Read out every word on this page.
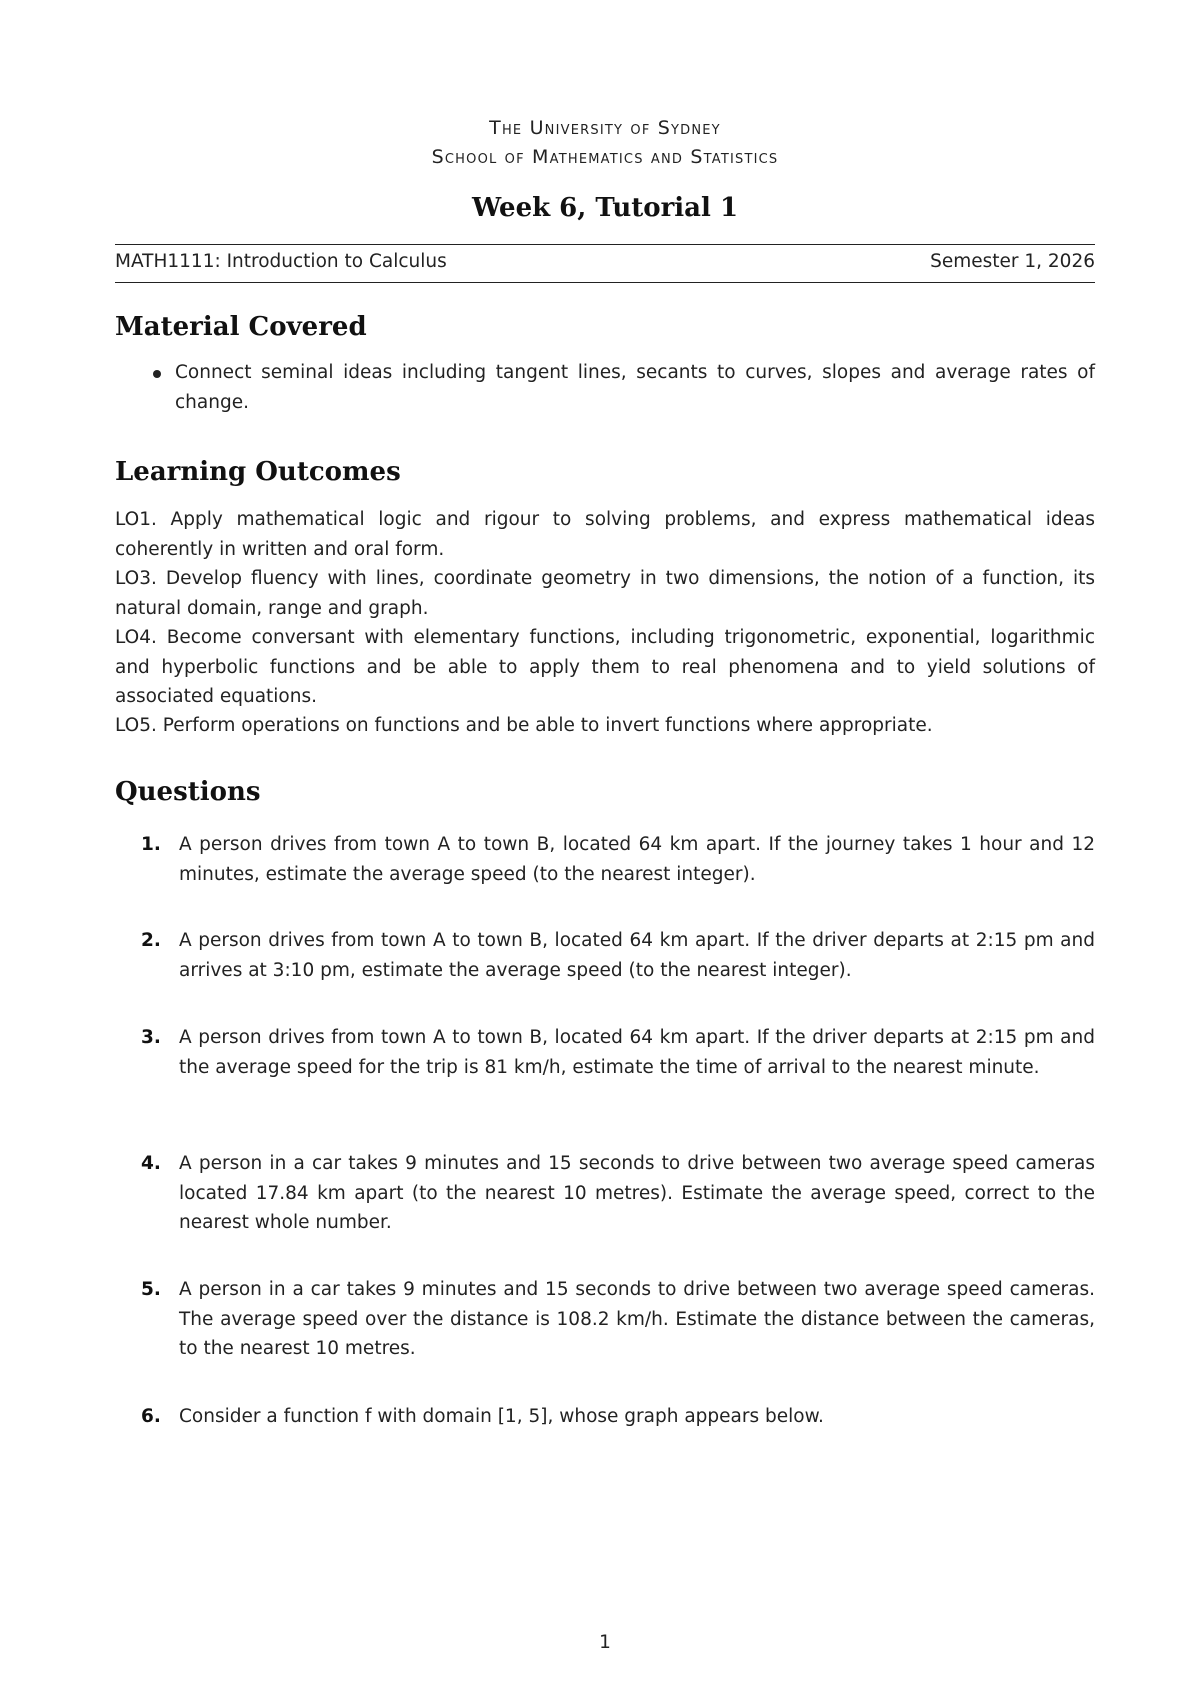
The University of Sydney
School of Mathematics and Statistics
Week 6, Tutorial 1
MATH1111: Introduction to Calculus	Semester 1, 2026
Material Covered
Connect seminal ideas including tangent lines, secants to curves, slopes and average rates of change.
Learning Outcomes
LO1. Apply mathematical logic and rigour to solving problems, and express mathematical ideas coherently in written and oral form.
LO3. Develop fluency with lines, coordinate geometry in two dimensions, the notion of a function, its natural domain, range and graph.
LO4. Become conversant with elementary functions, including trigonometric, exponential, logarithmic and hyperbolic functions and be able to apply them to real phenomena and to yield solutions of associated equations.
LO5. Perform operations on functions and be able to invert functions where appropriate.
Questions
1. A person drives from town A to town B, located 64 km apart. If the journey takes 1 hour and 12 minutes, estimate the average speed (to the nearest integer).
2. A person drives from town A to town B, located 64 km apart. If the driver departs at 2:15 pm and arrives at 3:10 pm, estimate the average speed (to the nearest integer).
3. A person drives from town A to town B, located 64 km apart. If the driver departs at 2:15 pm and the average speed for the trip is 81 km/h, estimate the time of arrival to the nearest minute.
4. A person in a car takes 9 minutes and 15 seconds to drive between two average speed cameras located 17.84 km apart (to the nearest 10 metres). Estimate the average speed, correct to the nearest whole number.
5. A person in a car takes 9 minutes and 15 seconds to drive between two average speed cameras. The average speed over the distance is 108.2 km/h. Estimate the distance between the cameras, to the nearest 10 metres.
6. Consider a function f with domain [1, 5], whose graph appears below.
1
